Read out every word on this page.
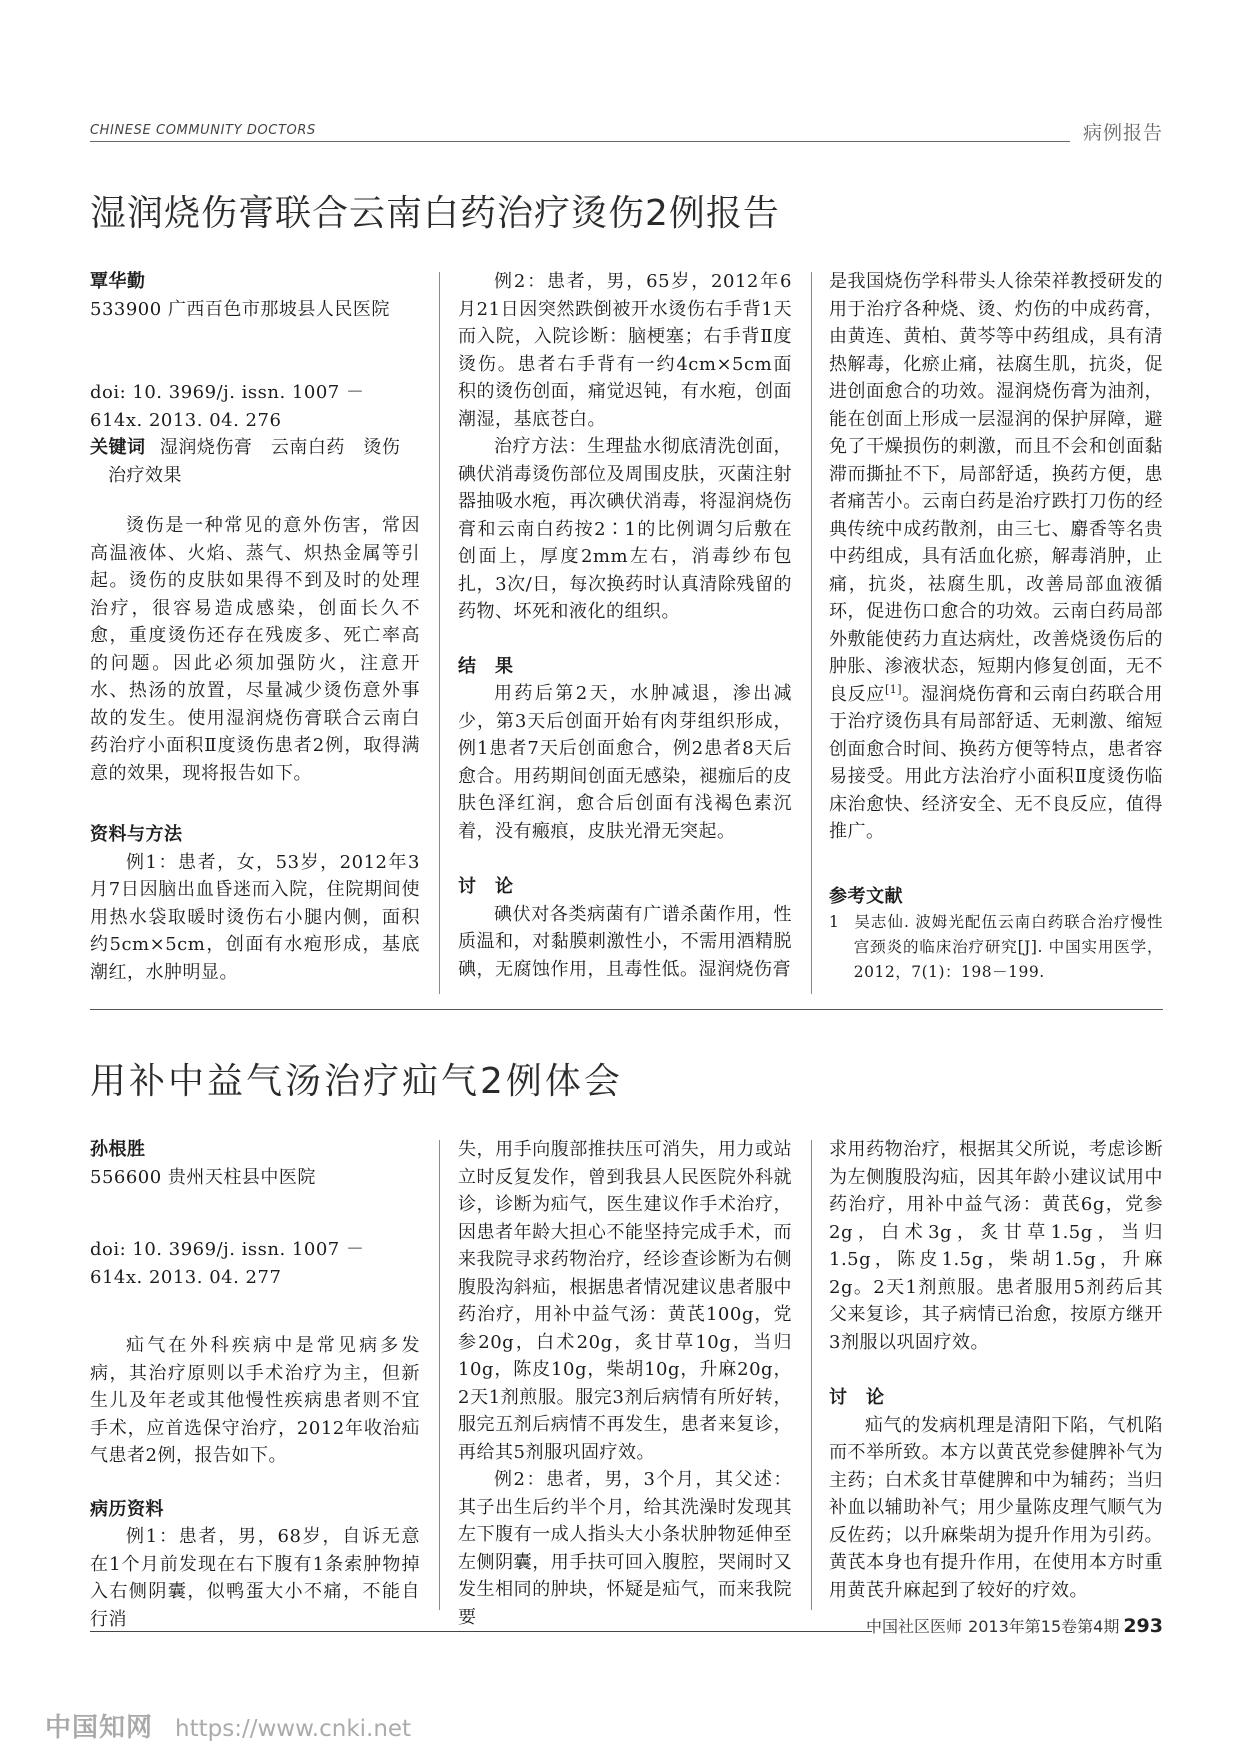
CHINESE COMMUNITY DOCTORS	病例报告
湿润烧伤膏联合云南白药治疗烫伤2例报告

覃华勤

533900 广西百色市那坡县人民医院

doi: 10. 3969/j. issn. 1007 － 614x. 2013. 04. 276

关键词 湿润烧伤膏　云南白药　烫伤　治疗效果

烫伤是一种常见的意外伤害，常因高温液体、火焰、蒸气、炽热金属等引起。烫伤的皮肤如果得不到及时的处理治疗，很容易造成感染，创面长久不愈，重度烫伤还存在残废多、死亡率高的问题。因此必须加强防火，注意开水、热汤的放置，尽量减少烫伤意外事故的发生。使用湿润烧伤膏联合云南白药治疗小面积Ⅱ度烫伤患者2例，取得满意的效果，现将报告如下。

资料与方法

例1：患者，女，53岁，2012年3月7日因脑出血昏迷而入院，住院期间使用热水袋取暖时烫伤右小腿内侧，面积约5cm×5cm，创面有水疱形成，基底潮红，水肿明显。

例2：患者，男，65岁，2012年6月21日因突然跌倒被开水烫伤右手背1天而入院，入院诊断：脑梗塞；右手背Ⅱ度烫伤。患者右手背有一约4cm×5cm面积的烫伤创面，痛觉迟钝，有水疱，创面潮湿，基底苍白。

治疗方法：生理盐水彻底清洗创面，碘伏消毒烫伤部位及周围皮肤，灭菌注射器抽吸水疱，再次碘伏消毒，将湿润烧伤膏和云南白药按2∶1的比例调匀后敷在创面上，厚度2mm左右，消毒纱布包扎，3次/日，每次换药时认真清除残留的药物、坏死和液化的组织。

结　果

用药后第2天，水肿减退，渗出减少，第3天后创面开始有肉芽组织形成，例1患者7天后创面愈合，例2患者8天后愈合。用药期间创面无感染，褪痂后的皮肤色泽红润，愈合后创面有浅褐色素沉着，没有瘢痕，皮肤光滑无突起。

讨　论

碘伏对各类病菌有广谱杀菌作用，性质温和，对黏膜刺激性小，不需用酒精脱碘，无腐蚀作用，且毒性低。湿润烧伤膏

是我国烧伤学科带头人徐荣祥教授研发的用于治疗各种烧、烫、灼伤的中成药膏，由黄连、黄柏、黄芩等中药组成，具有清热解毒，化瘀止痛，祛腐生肌，抗炎，促进创面愈合的功效。湿润烧伤膏为油剂，能在创面上形成一层湿润的保护屏障，避免了干燥损伤的刺激，而且不会和创面黏滞而撕扯不下，局部舒适，换药方便，患者痛苦小。云南白药是治疗跌打刀伤的经典传统中成药散剂，由三七、麝香等名贵中药组成，具有活血化瘀，解毒消肿，止痛，抗炎，祛腐生肌，改善局部血液循环，促进伤口愈合的功效。云南白药局部外敷能使药力直达病灶，改善烧烫伤后的肿胀、渗液状态，短期内修复创面，无不良反应[1]。湿润烧伤膏和云南白药联合用于治疗烫伤具有局部舒适、无刺激、缩短创面愈合时间、换药方便等特点，患者容易接受。用此方法治疗小面积Ⅱ度烫伤临床治愈快、经济安全、无不良反应，值得推广。

参考文献

1 吴志仙. 波姆光配伍云南白药联合治疗慢性宫颈炎的临床治疗研究[J]. 中国实用医学，2012，7(1)：198－199.

用补中益气汤治疗疝气2例体会

孙根胜

556600 贵州天柱县中医院

doi: 10. 3969/j. issn. 1007 － 614x. 2013. 04. 277

疝气在外科疾病中是常见病多发病，其治疗原则以手术治疗为主，但新生儿及年老或其他慢性疾病患者则不宜手术，应首选保守治疗，2012年收治疝气患者2例，报告如下。

病历资料

例1：患者，男，68岁，自诉无意在1个月前发现在右下腹有1条索肿物掉入右侧阴囊，似鸭蛋大小不痛，不能自行消

失，用手向腹部推扶压可消失，用力或站立时反复发作，曾到我县人民医院外科就诊，诊断为疝气，医生建议作手术治疗，因患者年龄大担心不能坚持完成手术，而来我院寻求药物治疗，经诊查诊断为右侧腹股沟斜疝，根据患者情况建议患者服中药治疗，用补中益气汤：黄芪100g，党参20g，白术20g，炙甘草10g，当归10g，陈皮10g，柴胡10g，升麻20g，2天1剂煎服。服完3剂后病情有所好转，服完五剂后病情不再发生，患者来复诊，再给其5剂服巩固疗效。

例2：患者，男，3个月，其父述：其子出生后约半个月，给其洗澡时发现其左下腹有一成人指头大小条状肿物延伸至左侧阴囊，用手扶可回入腹腔，哭闹时又发生相同的肿块，怀疑是疝气，而来我院要

求用药物治疗，根据其父所说，考虑诊断为左侧腹股沟疝，因其年龄小建议试用中药治疗，用补中益气汤：黄芪6g，党参2g，白术3g，炙甘草1.5g，当归1.5g，陈皮1.5g，柴胡1.5g，升麻2g。2天1剂煎服。患者服用5剂药后其父来复诊，其子病情已治愈，按原方继开3剂服以巩固疗效。

讨　论

疝气的发病机理是清阳下陷，气机陷而不举所致。本方以黄芪党参健脾补气为主药；白术炙甘草健脾和中为辅药；当归补血以辅助补气；用少量陈皮理气顺气为反佐药；以升麻柴胡为提升作用为引药。黄芪本身也有提升作用，在使用本方时重用黄芪升麻起到了较好的疗效。

中国社区医师 2013年第15卷第4期 293
中国知网 https://www.cnki.net
